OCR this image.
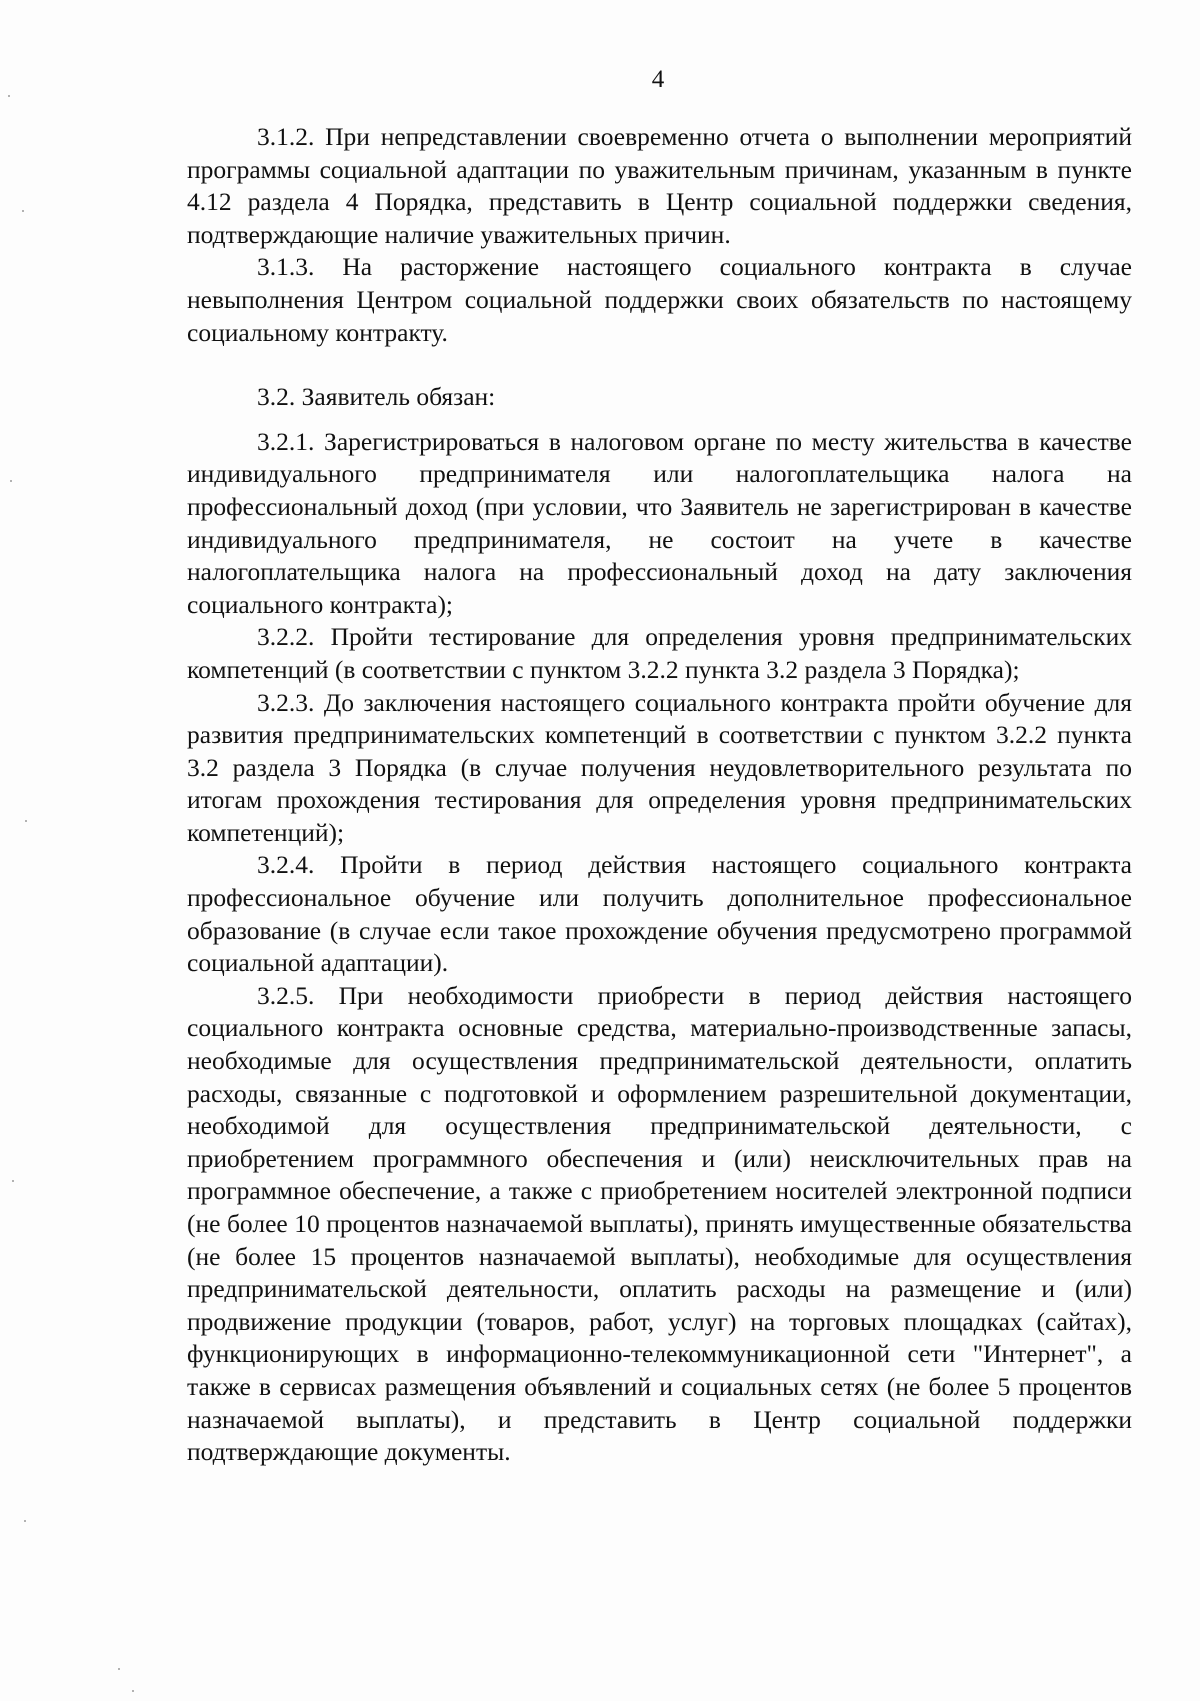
4

3.1.2. При непредставлении своевременно отчета о выполнении мероприятий программы социальной адаптации по уважительным причинам, указанным в пункте 4.12 раздела 4 Порядка, представить в Центр социальной поддержки сведения, подтверждающие наличие уважительных причин.

3.1.3. На расторжение настоящего социального контракта в случае невыполнения Центром социальной поддержки своих обязательств по настоящему социальному контракту.

3.2. Заявитель обязан:

3.2.1. Зарегистрироваться в налоговом органе по месту жительства в качестве индивидуального предпринимателя или налогоплательщика налога на профессиональный доход (при условии, что Заявитель не зарегистрирован в качестве индивидуального предпринимателя, не состоит на учете в качестве налогоплательщика налога на профессиональный доход на дату заключения социального контракта);

3.2.2. Пройти тестирование для определения уровня предпринимательских компетенций (в соответствии с пунктом 3.2.2 пункта 3.2 раздела 3 Порядка);

3.2.3. До заключения настоящего социального контракта пройти обучение для развития предпринимательских компетенций в соответствии с пунктом 3.2.2 пункта 3.2 раздела 3 Порядка (в случае получения неудовлетворительного результата по итогам прохождения тестирования для определения уровня предпринимательских компетенций);

3.2.4. Пройти в период действия настоящего социального контракта профессиональное обучение или получить дополнительное профессиональное образование (в случае если такое прохождение обучения предусмотрено программой социальной адаптации).

3.2.5. При необходимости приобрести в период действия настоящего социального контракта основные средства, материально-производственные запасы, необходимые для осуществления предпринимательской деятельности, оплатить расходы, связанные с подготовкой и оформлением разрешительной документации, необходимой для осуществления предпринимательской деятельности, с приобретением программного обеспечения и (или) неисключительных прав на программное обеспечение, а также с приобретением носителей электронной подписи (не более 10 процентов назначаемой выплаты), принять имущественные обязательства (не более 15 процентов назначаемой выплаты), необходимые для осуществления предпринимательской деятельности, оплатить расходы на размещение и (или) продвижение продукции (товаров, работ, услуг) на торговых площадках (сайтах), функционирующих в информационно-телекоммуникационной сети "Интернет", а также в сервисах размещения объявлений и социальных сетях (не более 5 процентов назначаемой выплаты), и представить в Центр социальной поддержки подтверждающие документы.
